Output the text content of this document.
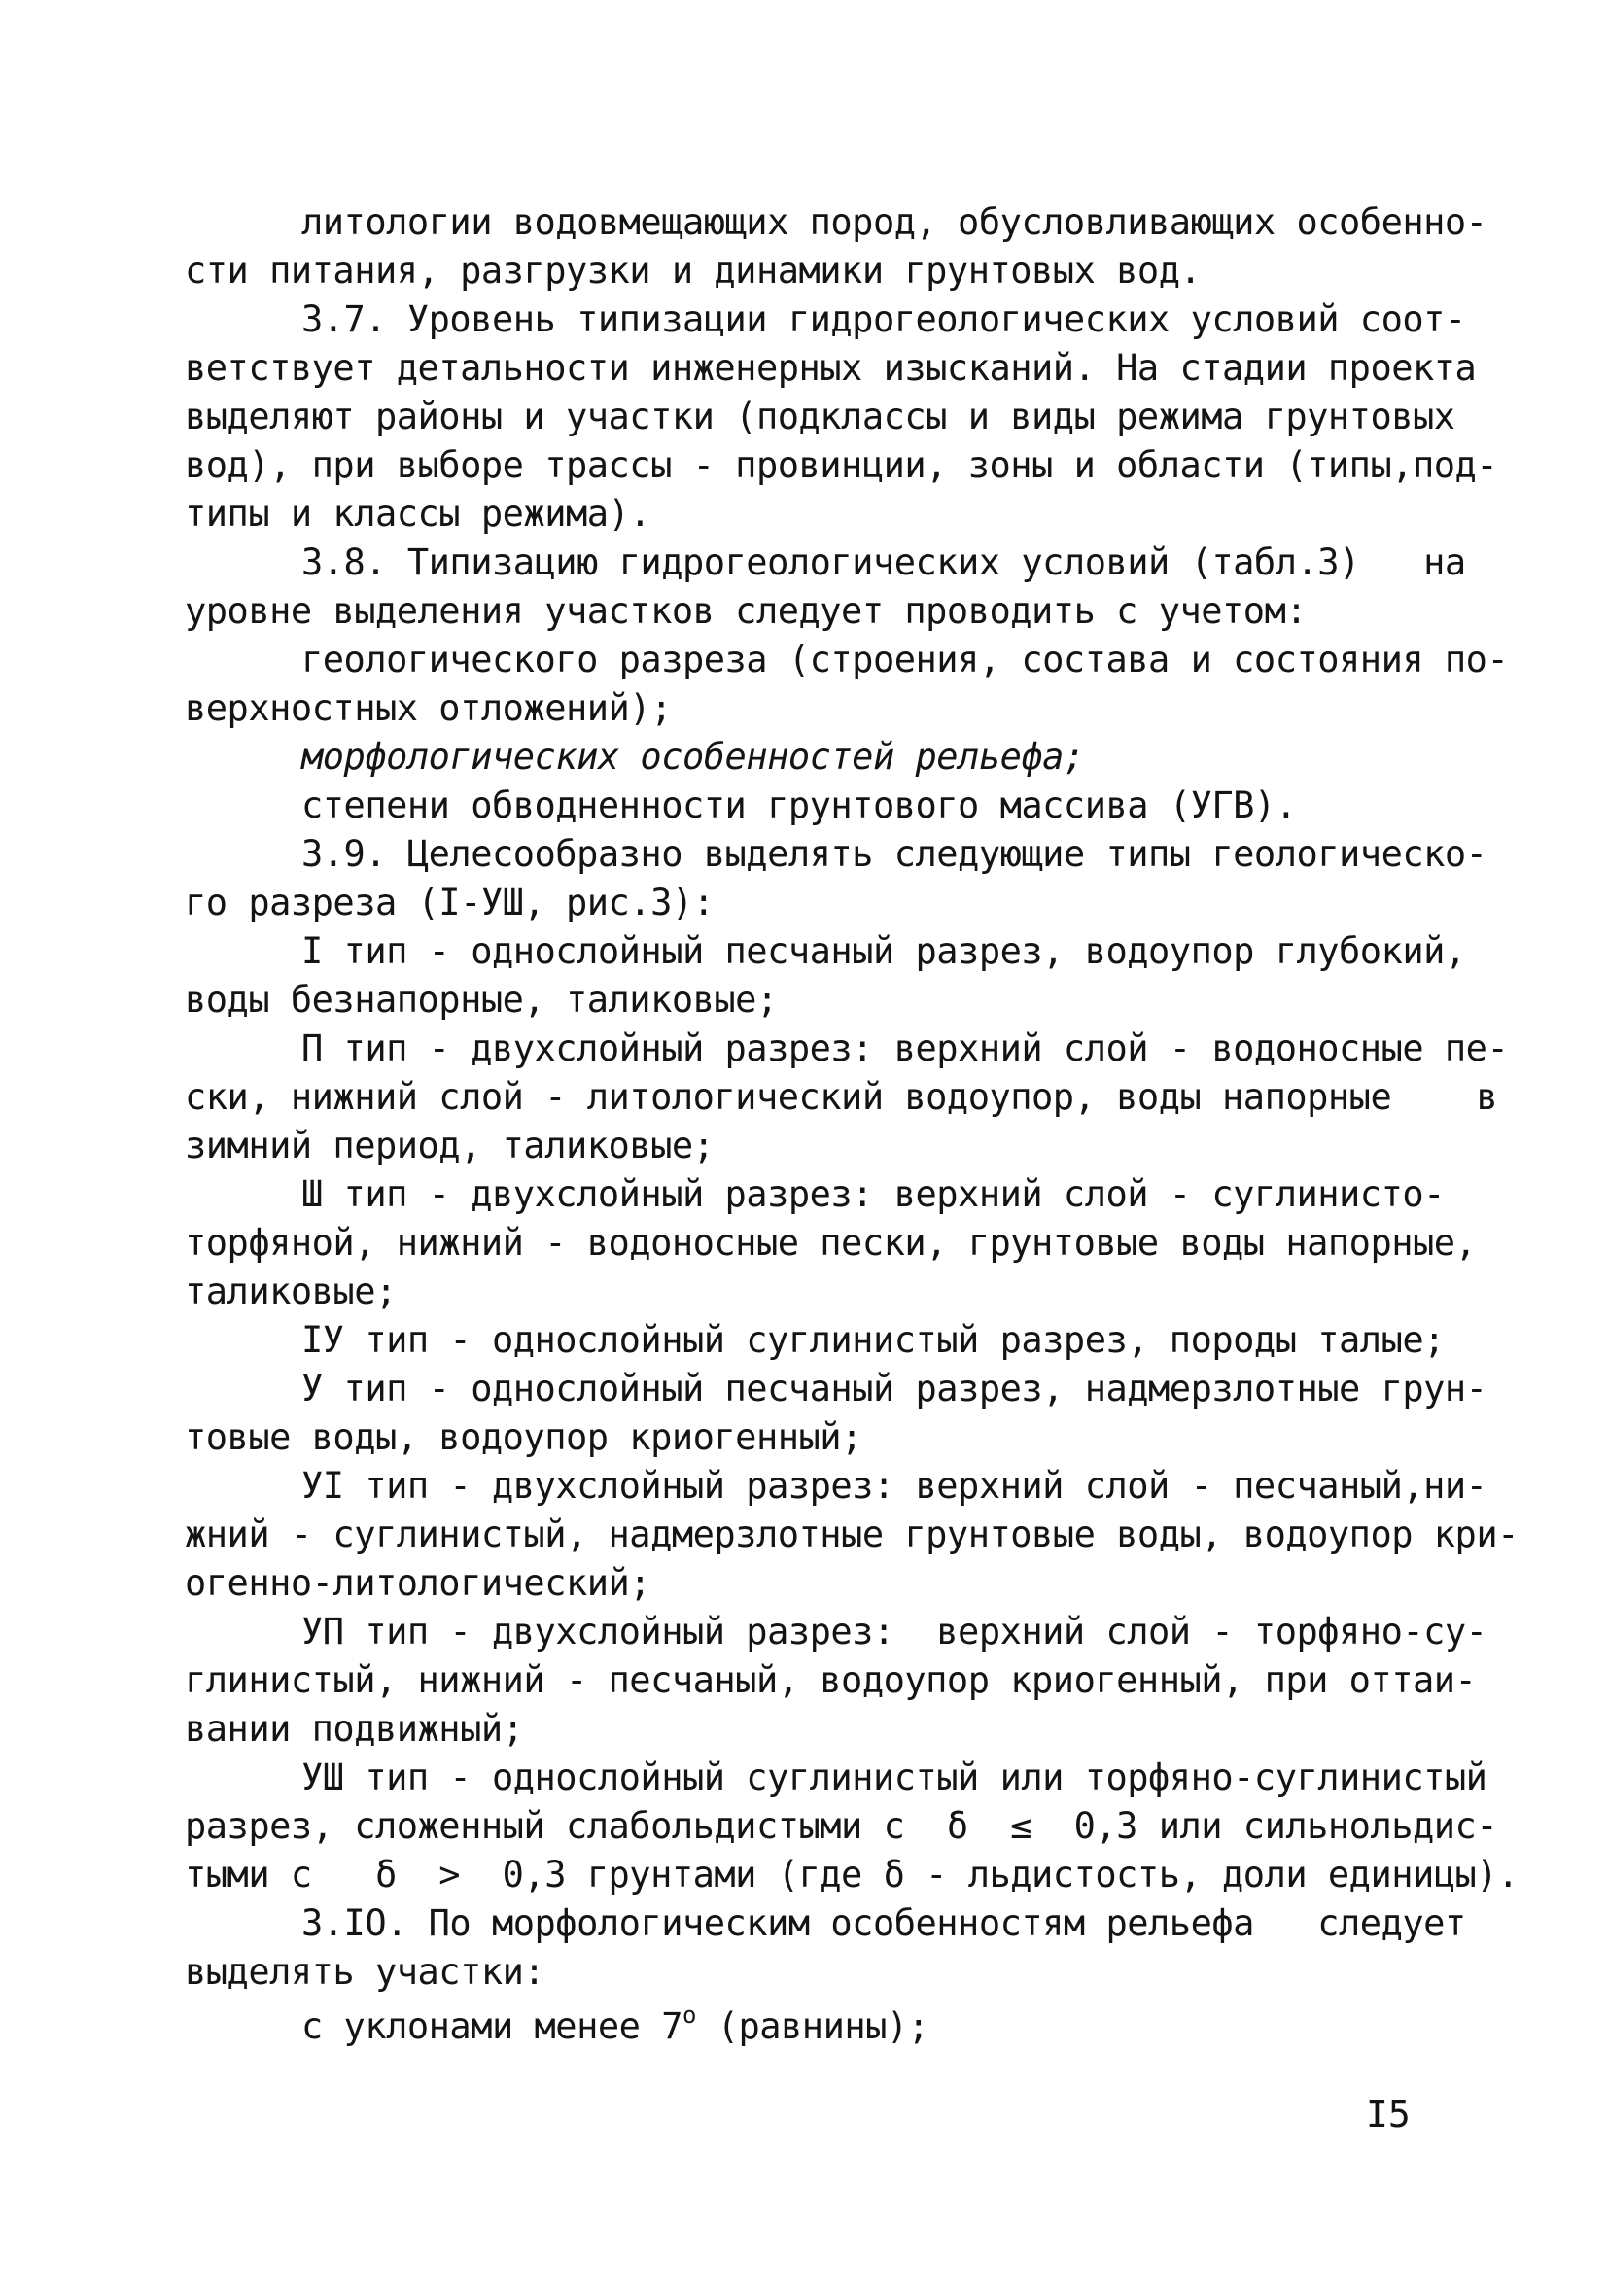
литологии водовмещающих пород, обусловливающих особенно-
сти питания, разгрузки и динамики грунтовых вод.
3.7. Уровень типизации гидрогеологических условий соот-
ветствует детальности инженерных изысканий. На стадии проекта
выделяют районы и участки (подклассы и виды режима грунтовых
вод), при выборе трассы - провинции, зоны и области (типы,под-
типы и классы режима).
3.8. Типизацию гидрогеологических условий (табл.3)   на
уровне выделения участков следует проводить с учетом:
геологического разреза (строения, состава и состояния по-
верхностных отложений);
морфологических особенностей рельефа;
степени обводненности грунтового массива (УГВ).
3.9. Целесообразно выделять следующие типы геологическо-
го разреза (I-УШ, рис.3):
I тип - однослойный песчаный разрез, водоупор глубокий,
воды безнапорные, таликовые;
П тип - двухслойный разрез: верхний слой - водоносные пе-
ски, нижний слой - литологический водоупор, воды напорные    в
зимний период, таликовые;
Ш тип - двухслойный разрез: верхний слой - суглинисто-
торфяной, нижний - водоносные пески, грунтовые воды напорные,
таликовые;
IУ тип - однослойный суглинистый разрез, породы талые;
У тип - однослойный песчаный разрез, надмерзлотные грун-
товые воды, водоупор криогенный;
УI тип - двухслойный разрез: верхний слой - песчаный,ни-
жний - суглинистый, надмерзлотные грунтовые воды, водоупор кри-
огенно-литологический;
УП тип - двухслойный разрез:  верхний слой - торфяно-су-
глинистый, нижний - песчаный, водоупор криогенный, при оттаи-
вании подвижный;
УШ тип - однослойный суглинистый или торфяно-суглинистый
разрез, сложенный слабольдистыми с  δ  ≤  0,3 или сильнольдис-
тыми с   δ  >  0,3 грунтами (где δ - льдистость, доли единицы).
3.IO. По морфологическим особенностям рельефа   следует
выделять участки:
с уклонами менее $7^о$ (равнины);
I5
